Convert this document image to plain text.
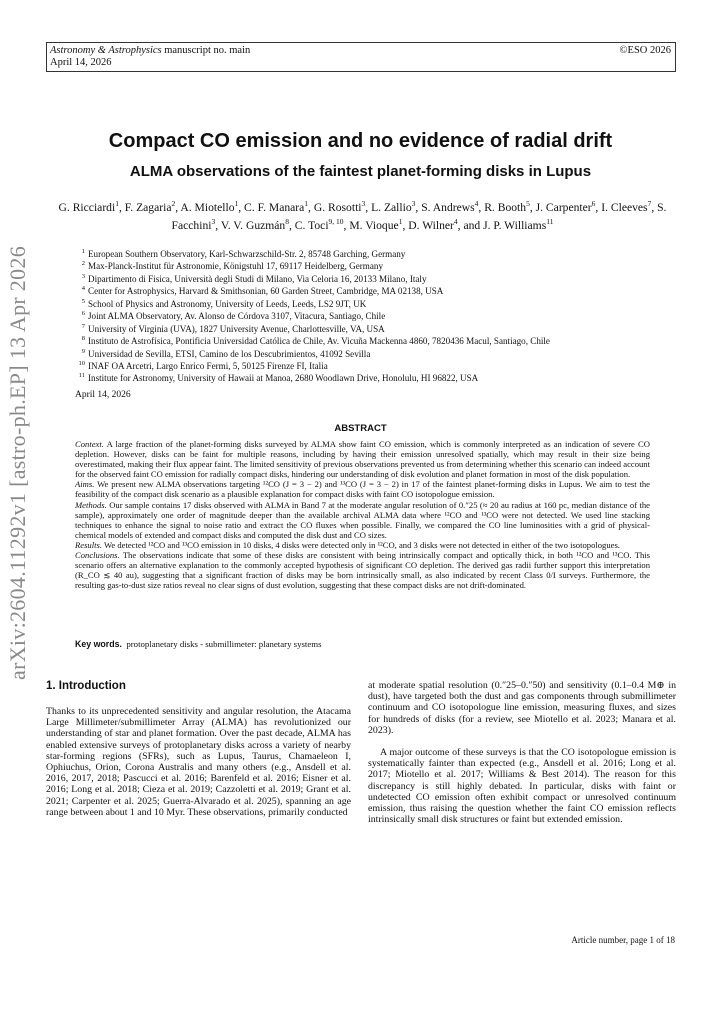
Astronomy & Astrophysics manuscript no. main
April 14, 2026
©ESO 2026
arXiv:2604.11292v1 [astro-ph.EP] 13 Apr 2026
Compact CO emission and no evidence of radial drift
ALMA observations of the faintest planet-forming disks in Lupus
G. Ricciardi$^1$, F. Zagaria$^2$, A. Miotello$^1$, C. F. Manara$^1$, G. Rosotti$^3$, L. Zallio$^3$, S. Andrews$^4$, R. Booth$^5$, J. Carpenter$^6$, I. Cleeves$^7$, S. Facchini$^3$, V. V. Guzmán$^8$, C. Toci$^{9, 10}$, M. Vioque$^1$, D. Wilner$^4$, and J. P. Williams$^{11}$
$^1$ European Southern Observatory, Karl-Schwarzschild-Str. 2, 85748 Garching, Germany
$^2$ Max-Planck-Institut für Astronomie, Königstuhl 17, 69117 Heidelberg, Germany
$^3$ Dipartimento di Fisica, Università degli Studi di Milano, Via Celoria 16, 20133 Milano, Italy
$^4$ Center for Astrophysics, Harvard & Smithsonian, 60 Garden Street, Cambridge, MA 02138, USA
$^5$ School of Physics and Astronomy, University of Leeds, Leeds, LS2 9JT, UK
$^6$ Joint ALMA Observatory, Av. Alonso de Córdova 3107, Vitacura, Santiago, Chile
$^7$ University of Virginia (UVA), 1827 University Avenue, Charlottesville, VA, USA
$^8$ Instituto de Astrofísica, Pontificia Universidad Católica de Chile, Av. Vicuña Mackenna 4860, 7820436 Macul, Santiago, Chile
$^9$ Universidad de Sevilla, ETSI, Camino de los Descubrimientos, 41092 Sevilla
$^{10}$ INAF OA Arcetri, Largo Enrico Fermi, 5, 50125 Firenze FI, Italia
$^{11}$ Institute for Astronomy, University of Hawaii at Manoa, 2680 Woodlawn Drive, Honolulu, HI 96822, USA
April 14, 2026
ABSTRACT

Context. A large fraction of the planet-forming disks surveyed by ALMA show faint CO emission, which is commonly interpreted as an indication of severe CO depletion. However, disks can be faint for multiple reasons, including by having their emission unresolved spatially, which may result in their size being overestimated, making their flux appear faint. The limited sensitivity of previous observations prevented us from determining whether this scenario can indeed account for the observed faint CO emission for radially compact disks, hindering our understanding of disk evolution and planet formation in most of the disk population.

Aims. We present new ALMA observations targeting ¹²CO (J = 3 − 2) and ¹³CO (J = 3 − 2) in 17 of the faintest planet-forming disks in Lupus. We aim to test the feasibility of the compact disk scenario as a plausible explanation for compact disks with faint CO isotopologue emission.

Methods. Our sample contains 17 disks observed with ALMA in Band 7 at the moderate angular resolution of 0.″25 (≈ 20 au radius at 160 pc, median distance of the sample), approximately one order of magnitude deeper than the available archival ALMA data where ¹²CO and ¹³CO were not detected. We used line stacking techniques to enhance the signal to noise ratio and extract the CO fluxes when possible. Finally, we compared the CO line luminosities with a grid of physical-chemical models of extended and compact disks and computed the disk dust and CO sizes.

Results. We detected ¹²CO and ¹³CO emission in 10 disks, 4 disks were detected only in ¹²CO, and 3 disks were not detected in either of the two isotopologues.

Conclusions. The observations indicate that some of these disks are consistent with being intrinsically compact and optically thick, in both ¹²CO and ¹³CO. This scenario offers an alternative explanation to the commonly accepted hypothesis of significant CO depletion. The derived gas radii further support this interpretation (R_CO ≲ 40 au), suggesting that a significant fraction of disks may be born intrinsically small, as also indicated by recent Class 0/I surveys. Furthermore, the resulting gas-to-dust size ratios reveal no clear signs of dust evolution, suggesting that these compact disks are not drift-dominated.

Key words. protoplanetary disks - submillimeter: planetary systems
1. Introduction

Thanks to its unprecedented sensitivity and angular resolution, the Atacama Large Millimeter/submillimeter Array (ALMA) has revolutionized our understanding of star and planet formation. Over the past decade, ALMA has enabled extensive surveys of protoplanetary disks across a variety of nearby star-forming regions (SFRs), such as Lupus, Taurus, Chamaeleon I, Ophiuchus, Orion, Corona Australis and many others (e.g., Ansdell et al. 2016, 2017, 2018; Pascucci et al. 2016; Barenfeld et al. 2016; Eisner et al. 2016; Long et al. 2018; Cieza et al. 2019; Cazzoletti et al. 2019; Grant et al. 2021; Carpenter et al. 2025; Guerra-Alvarado et al. 2025), spanning an age range between about 1 and 10 Myr. These observations, primarily conducted

at moderate spatial resolution (0.″25–0.″50) and sensitivity (0.1–0.4 M⊕ in dust), have targeted both the dust and gas components through submillimeter continuum and CO isotopologue line emission, measuring fluxes, and sizes for hundreds of disks (for a review, see Miotello et al. 2023; Manara et al. 2023).

A major outcome of these surveys is that the CO isotopologue emission is systematically fainter than expected (e.g., Ansdell et al. 2016; Long et al. 2017; Miotello et al. 2017; Williams & Best 2014). The reason for this discrepancy is still highly debated. In particular, disks with faint or undetected CO emission often exhibit compact or unresolved continuum emission, thus raising the question whether the faint CO emission reflects intrinsically small disk structures or faint but extended emission.

Article number, page 1 of 18
